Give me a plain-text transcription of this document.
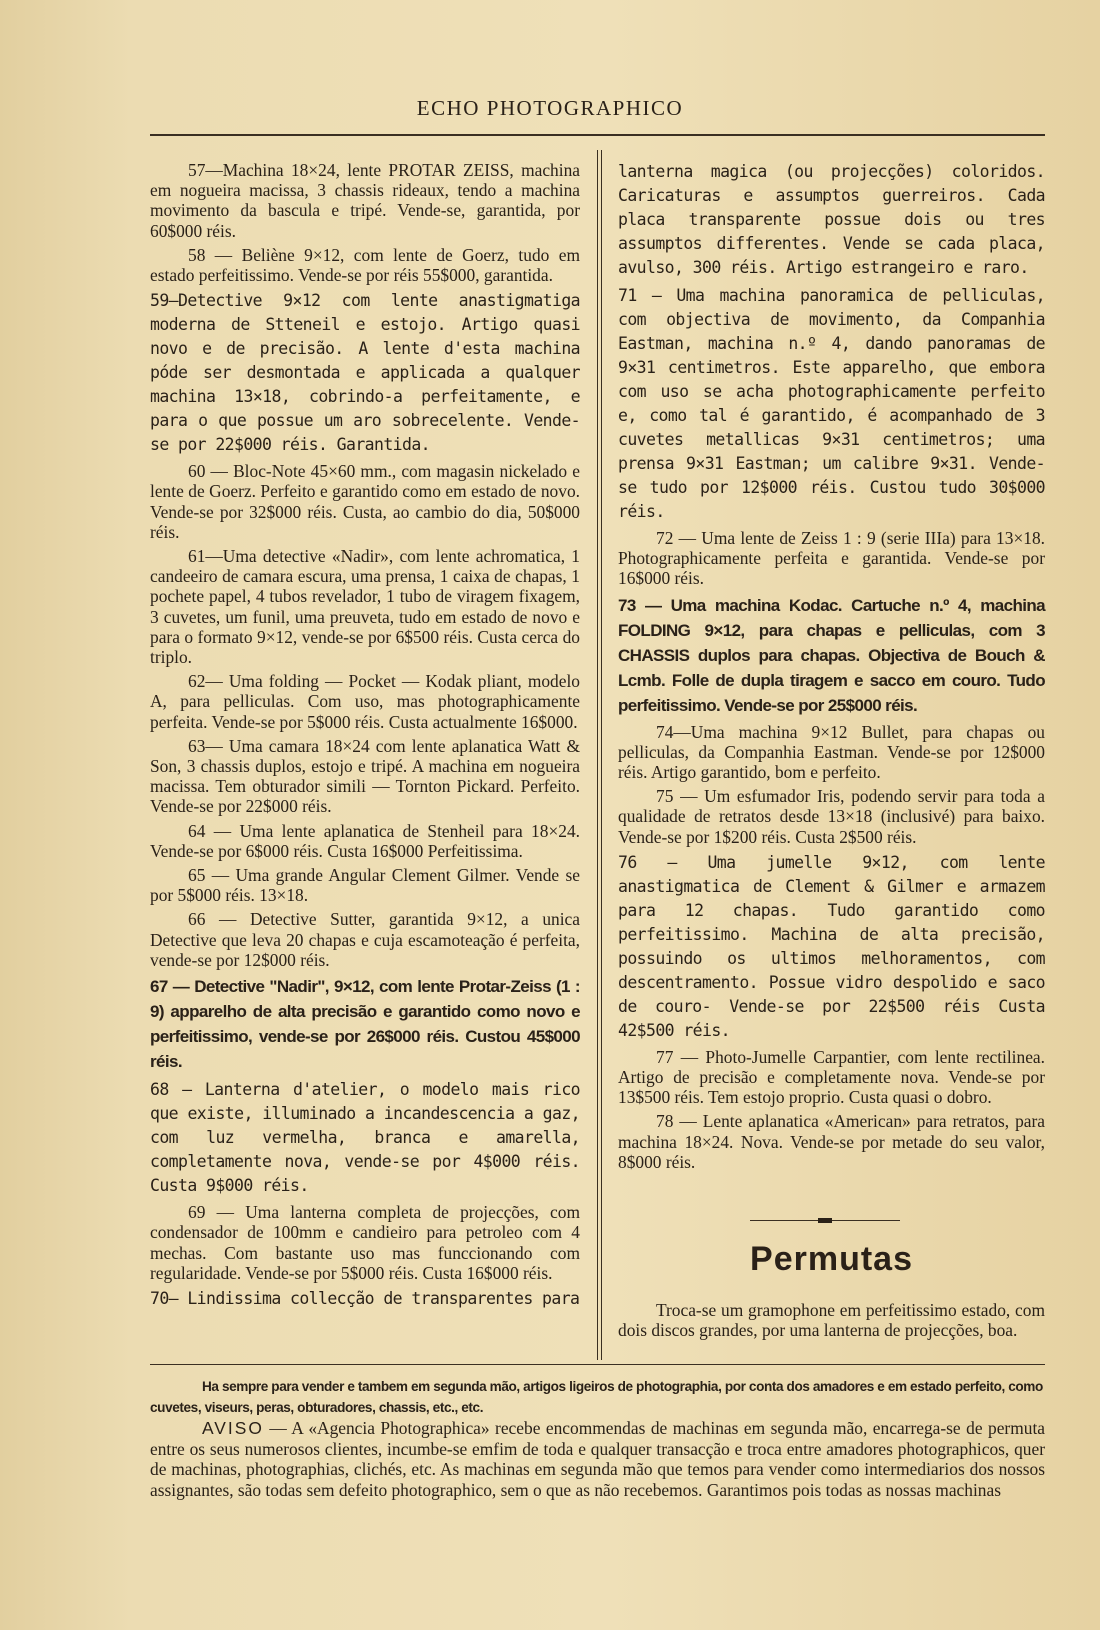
ECHO PHOTOGRAPHICO

57—Machina 18×24, lente PROTAR ZEISS, machina em nogueira macissa, 3 chassis rideaux, tendo a machina movimento da bascula e tripé. Vende-se, garantida, por 60$000 réis.

58 — Beliène 9×12, com lente de Goerz, tudo em estado perfeitissimo. Vende-se por réis 55$000, garantida.

59—Detective 9×12 com lente anastigmatiga moderna de Stteneil e estojo. Artigo quasi novo e de precisão. A lente d'esta machina póde ser desmontada e applicada a qualquer machina 13×18, cobrindo-a perfeitamente, e para o que possue um aro sobrecelente. Vende-se por 22$000 réis. Garantida.

60 — Bloc-Note 45×60 mm., com magasin nickelado e lente de Goerz. Perfeito e garantido como em estado de novo. Vende-se por 32$000 réis. Custa, ao cambio do dia, 50$000 réis.

61—Uma detective «Nadir», com lente achromatica, 1 candeeiro de camara escura, uma prensa, 1 caixa de chapas, 1 pochete papel, 4 tubos revelador, 1 tubo de viragem fixagem, 3 cuvetes, um funil, uma preuveta, tudo em estado de novo e para o formato 9×12, vende-se por 6$500 réis. Custa cerca do triplo.

62— Uma folding — Pocket — Kodak pliant, modelo A, para pelliculas. Com uso, mas photographicamente perfeita. Vende-se por 5$000 réis. Custa actualmente 16$000.

63— Uma camara 18×24 com lente aplanatica Watt & Son, 3 chassis duplos, estojo e tripé. A machina em nogueira macissa. Tem obturador simili — Tornton Pickard. Perfeito. Vende-se por 22$000 réis.

64 — Uma lente aplanatica de Stenheil para 18×24. Vende-se por 6$000 réis. Custa 16$000 Perfeitissima.

65 — Uma grande Angular Clement Gilmer. Vende se por 5$000 réis. 13×18.

66 — Detective Sutter, garantida 9×12, a unica Detective que leva 20 chapas e cuja escamoteação é perfeita, vende-se por 12$000 réis.

67 — Detective "Nadir", 9×12, com lente Protar-Zeiss (1 : 9) apparelho de alta precisão e garantido como novo e perfeitissimo, vende-se por 26$000 réis. Custou 45$000 réis.

68 — Lanterna d'atelier, o modelo mais rico que existe, illuminado a incandescencia a gaz, com luz vermelha, branca e amarella, completamente nova, vende-se por 4$000 réis. Custa 9$000 réis.

69 — Uma lanterna completa de projecções, com condensador de 100mm e candieiro para petroleo com 4 mechas. Com bastante uso mas funccionando com regularidade. Vende-se por 5$000 réis. Custa 16$000 réis.

70— Lindissima collecção de transparentes para

lanterna magica (ou projecções) coloridos. Caricaturas e assumptos guerreiros. Cada placa transparente possue dois ou tres assumptos differentes. Vende se cada placa, avulso, 300 réis. Artigo estrangeiro e raro.

71 — Uma machina panoramica de pelliculas, com objectiva de movimento, da Companhia Eastman, machina n.º 4, dando panoramas de 9×31 centimetros. Este apparelho, que embora com uso se acha photographicamente perfeito e, como tal é garantido, é acompanhado de 3 cuvetes metallicas 9×31 centimetros; uma prensa 9×31 Eastman; um calibre 9×31. Vende-se tudo por 12$000 réis. Custou tudo 30$000 réis.

72 — Uma lente de Zeiss 1 : 9 (serie IIIa) para 13×18. Photographicamente perfeita e garantida. Vende-se por 16$000 réis.

73 — Uma machina Kodac. Cartuche n.º 4, machina FOLDING 9×12, para chapas e pelliculas, com 3 CHASSIS duplos para chapas. Objectiva de Bouch & Lcmb. Folle de dupla tiragem e sacco em couro. Tudo perfeitissimo. Vende-se por 25$000 réis.

74—Uma machina 9×12 Bullet, para chapas ou pelliculas, da Companhia Eastman. Vende-se por 12$000 réis. Artigo garantido, bom e perfeito.

75 — Um esfumador Iris, podendo servir para toda a qualidade de retratos desde 13×18 (inclusivé) para baixo. Vende-se por 1$200 réis. Custa 2$500 réis.

76 — Uma jumelle 9×12, com lente anastigmatica de Clement & Gilmer e armazem para 12 chapas. Tudo garantido como perfeitissimo. Machina de alta precisão, possuindo os ultimos melhoramentos, com descentramento. Possue vidro despolido e saco de couro- Vende-se por 22$500 réis Custa 42$500 réis.

77 — Photo-Jumelle Carpantier, com lente rectilinea. Artigo de precisão e completamente nova. Vende-se por 13$500 réis. Tem estojo proprio. Custa quasi o dobro.

78 — Lente aplanatica «American» para retratos, para machina 18×24. Nova. Vende-se por metade do seu valor, 8$000 réis.

Permutas

Troca-se um gramophone em perfeitissimo estado, com dois discos grandes, por uma lanterna de projecções, boa.

Ha sempre para vender e tambem em segunda mão, artigos ligeiros de photographia, por conta dos amadores e em estado perfeito, como cuvetes, viseurs, peras, obturadores, chassis, etc., etc.
AVISO — A «Agencia Photographica» recebe encommendas de machinas em segunda mão, encarrega-se de permuta entre os seus numerosos clientes, incumbe-se emfim de toda e qualquer transacção e troca entre amadores photographicos, quer de machinas, photographias, clichés, etc. As machinas em segunda mão que temos para vender como intermediarios dos nossos assignantes, são todas sem defeito photographico, sem o que as não recebemos. Garantimos pois todas as nossas machinas
